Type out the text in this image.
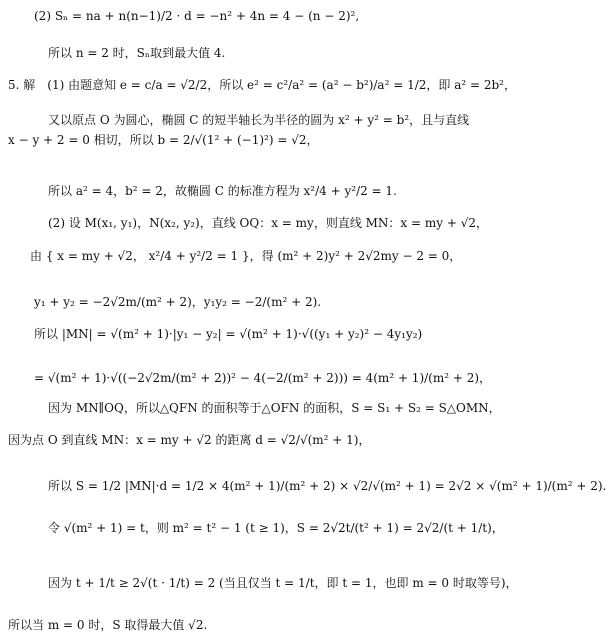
(2) Sₙ = na + n(n−1)/2 · d = −n² + 4n = 4 − (n − 2)²,
所以 n = 2 时，Sₙ取到最大值 4.
5. 解　(1) 由题意知 e = c/a = √2/2，所以 e² = c²/a² = (a² − b²)/a² = 1/2，即 a² = 2b²，
又以原点 O 为圆心，椭圆 C 的短半轴长为半径的圆为 x² + y² = b²，且与直线
x − y + 2 = 0 相切，所以 b = 2/√(1² + (−1)²) = √2，
所以 a² = 4，b² = 2，故椭圆 C 的标准方程为 x²/4 + y²/2 = 1.
(2) 设 M(x₁, y₁)，N(x₂, y₂)，直线 OQ：x = my，则直线 MN：x = my + √2，
由 { x = my + √2， x²/4 + y²/2 = 1 }，得 (m² + 2)y² + 2√2my − 2 = 0，
y₁ + y₂ = −2√2m/(m² + 2)，y₁y₂ = −2/(m² + 2).
所以 |MN| = √(m² + 1)·|y₁ − y₂| = √(m² + 1)·√((y₁ + y₂)² − 4y₁y₂)
= √(m² + 1)·√((−2√2m/(m² + 2))² − 4(−2/(m² + 2))) = 4(m² + 1)/(m² + 2)，
因为 MN∥OQ，所以△QFN 的面积等于△OFN 的面积，S = S₁ + S₂ = S△OMN，
因为点 O 到直线 MN：x = my + √2 的距离 d = √2/√(m² + 1)，
所以 S = 1/2 |MN|·d = 1/2 × 4(m² + 1)/(m² + 2) × √2/√(m² + 1) = 2√2 × √(m² + 1)/(m² + 2).
令 √(m² + 1) = t，则 m² = t² − 1 (t ≥ 1)，S = 2√2t/(t² + 1) = 2√2/(t + 1/t)，
因为 t + 1/t ≥ 2√(t · 1/t) = 2 (当且仅当 t = 1/t，即 t = 1，也即 m = 0 时取等号)，
所以当 m = 0 时，S 取得最大值 √2.
